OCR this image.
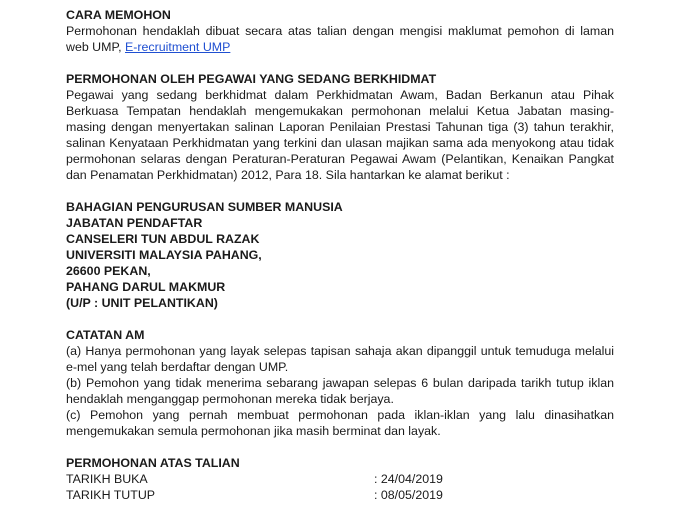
CARA MEMOHON

Permohonan hendaklah dibuat secara atas talian dengan mengisi maklumat pemohon di laman web UMP, E-recruitment UMP

PERMOHONAN OLEH PEGAWAI YANG SEDANG BERKHIDMAT

Pegawai yang sedang berkhidmat dalam Perkhidmatan Awam, Badan Berkanun atau Pihak Berkuasa Tempatan hendaklah mengemukakan permohonan melalui Ketua Jabatan masing-masing dengan menyertakan salinan Laporan Penilaian Prestasi Tahunan tiga (3) tahun terakhir, salinan Kenyataan Perkhidmatan yang terkini dan ulasan majikan sama ada menyokong atau tidak permohonan selaras dengan Peraturan-Peraturan Pegawai Awam (Pelantikan, Kenaikan Pangkat dan Penamatan Perkhidmatan) 2012, Para 18. Sila hantarkan ke alamat berikut :

BAHAGIAN PENGURUSAN SUMBER MANUSIA

JABATAN PENDAFTAR

CANSELERI TUN ABDUL RAZAK

UNIVERSITI MALAYSIA PAHANG,

26600 PEKAN,

PAHANG DARUL MAKMUR

(U/P : UNIT PELANTIKAN)

CATATAN AM

(a) Hanya permohonan yang layak selepas tapisan sahaja akan dipanggil untuk temuduga melalui e-mel yang telah berdaftar dengan UMP.

(b) Pemohon yang tidak menerima sebarang jawapan selepas 6 bulan daripada tarikh tutup iklan hendaklah menganggap permohonan mereka tidak berjaya.

(c) Pemohon yang pernah membuat permohonan pada iklan-iklan yang lalu dinasihatkan mengemukakan semula permohonan jika masih berminat dan layak.

PERMOHONAN ATAS TALIAN

TARIKH BUKA	: 24/04/2019
TARIKH TUTUP	: 08/05/2019
